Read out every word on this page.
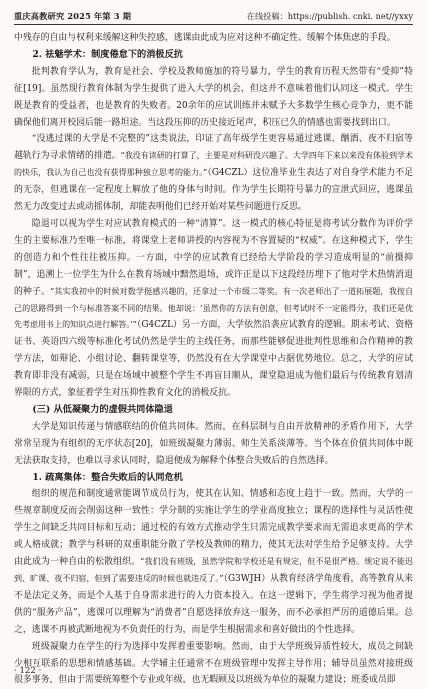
重庆高教研究 2025 年第 3 期	在线投稿：https://publish. cnki. net//yxxy

中残存的自由与权利来缓解这种失控感，逃课由此成为应对这种不确定性、缓解个体焦虑的手段。

2. 祛魅学术：制度倦怠下的消极反抗

批判教育学认为，教育是社会、学校及教师施加的符号暴力，学生的教育历程天然带有“受抑”特征[19]。虽然现行教育体制为学生提供了进入大学的机会，但这并不意味着他们认同这一模式。学生既是教育的受益者，也是教育的失败者。20余年的应试训练并未赋予大多数学生核心竞争力，更不能确保他们离开校园后能一路坦途。当这段压抑的历史接近尾声，积压已久的情感也需要找到出口。

“没逃过课的大学是不完整的”这类说法，印证了高年级学生更容易通过逃课、酗酒、夜不归宿等越轨行为寻求情绪的排遣。“我没有读研的打算了，主要是对科研没兴趣了。大学四年下来以来没有体验到学术的快乐，我认为自己也没有获得那种独立思考的能力。”（G4CZL）这位准毕业生表达了对自身学术能力不足的无奈，但逃课在一定程度上解放了他的身体与时间。作为学生长期符号暴力的宣泄式回应，逃课虽然无力改变过去或动摇体制，却能表明他们已经开始对某些问题进行反思。

隐退可以视为学生对应试教育模式的一种“清算”。这一模式的核心特征是将考试分数作为评价学生的主要标准乃至唯一标准，将课堂上老师讲授的内容视为不容置疑的“权威”。在这种模式下，学生的创造力和个性往往被压抑。一方面，中学的应试教育已经给大学阶段的学习造成明显的“前摄抑制”，追溯上一位学生为什么在教育场域中黯然退场，或许正是以下这段经历埋下了他对学术热情消退的种子。“其实我初中的时候对数学挺感兴趣的，还拿过一个市级二等奖。有一次老师出了一道拓展题，我按自己的思路得到一个与标准答案不同的结果。他却说：‘虽然你的方法有创意，但考试时不一定能得分，我们还是优先考虑用书上的知识点进行解答。’”（G4CZL）另一方面，大学依然沿袭应试教育的逻辑。期末考试、资格证书、英语四六级等标准化考试仍然是学生的主线任务，而那些能够促进批判性思维和合作精神的教学方法，如辩论、小组讨论、翻转课堂等，仍然没有在大学课堂中占据优势地位。总之，大学的应试教育即非没有减弱，只是在场域中被整个学生不再盲目顺从，课堂隐退成为他们最后与传统教育划清界限的方式，象征着学生对压抑性教育文化的消极反抗。

(三) 从低凝聚力的虚假共同体隐退

大学是知识传递与情感联结的价值共同体。然而，在科层制与自由开放精神的矛盾作用下，大学常常呈现为有组织的无序状态[20]，如班级凝聚力薄弱、师生关系淡薄等。当个体在价值共同体中既无法获取支持，也难以寻求认同时，隐退便成为解释个体整合失败后的自然选择。

1. 疏离集体：整合失败后的认同危机

组织的规范和制度通常能调节成员行为，使其在认知、情感和态度上趋于一致。然而，大学的一些规章制度反而会削弱这种一致性：学分制的实施让学生的学业高度独立；课程的选择性与灵活性使学生之间缺乏共同目标和互动；通过校的有效方式推动学生只需完成教学要求而无需追求更高的学术或人格成就；教学与科研的双重职能分散了学校及教师的精力，使其无法对学生给予足够支持。大学由此成为一种自由的松散组织。“我们没有班级，虽然学院和学校还是有规定，但不是很严格。规定说不能迟到、旷课、夜不归宿，但到了需要违反的时候也就违反了。”（G3WJH）从教育经济学角度看，高等教育从来不是法定义务，而是个人基于自身需求进行的人力资本投入。在这一逻辑下，学生将学习视为他者提供的“服务产品”，逃课可以理解为“消费者”自愿选择放弃这一服务，而不必承担严厉的道德后果。总之，逃课不再被武断地视为不负责任的行为，而是学生根据需求和喜好做出的个性选择。

班级凝聚力在学生的行为选择中发挥着重要影响。然而，由于大学班级异质性较大，成员之间缺少相互联系的思想和情感基础。大学辅主任通常不在班级管理中发挥主导作用；辅导员虽然对接班级很多事务，但由于需要统筹整个专业或年级，也无暇顾及以班级为单位的凝聚力建设；班委成员即

· 122 ·
